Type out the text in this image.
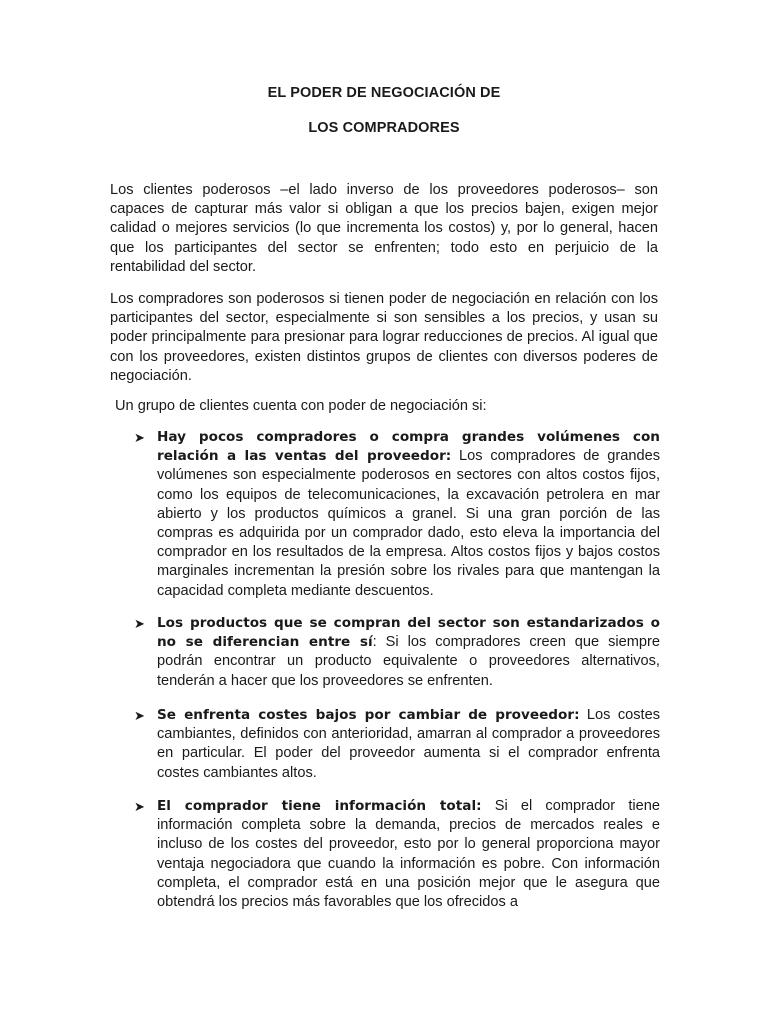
EL PODER DE NEGOCIACIÓN DE
LOS COMPRADORES
Los clientes poderosos –el lado inverso de los proveedores poderosos– son capaces de capturar más valor si obligan a que los precios bajen, exigen mejor calidad o mejores servicios (lo que incrementa los costos) y, por lo general, hacen que los participantes del sector se enfrenten; todo esto en perjuicio de la rentabilidad del sector.
Los compradores son poderosos si tienen poder de negociación en relación con los participantes del sector, especialmente si son sensibles a los precios, y usan su poder principalmente para presionar para lograr reducciones de precios. Al igual que con los proveedores, existen distintos grupos de clientes con diversos poderes de negociación.
Un grupo de clientes cuenta con poder de negociación si:
➤ Hay pocos compradores o compra grandes volúmenes con relación a las ventas del proveedor: Los compradores de grandes volúmenes son especialmente poderosos en sectores con altos costos fijos, como los equipos de telecomunicaciones, la excavación petrolera en mar abierto y los productos químicos a granel. Si una gran porción de las compras es adquirida por un comprador dado, esto eleva la importancia del comprador en los resultados de la empresa. Altos costos fijos y bajos costos marginales incrementan la presión sobre los rivales para que mantengan la capacidad completa mediante descuentos.
➤ Los productos que se compran del sector son estandarizados o no se diferencian entre sí: Si los compradores creen que siempre podrán encontrar un producto equivalente o proveedores alternativos, tenderán a hacer que los proveedores se enfrenten.
➤ Se enfrenta costes bajos por cambiar de proveedor: Los costes cambiantes, definidos con anterioridad, amarran al comprador a proveedores en particular. El poder del proveedor aumenta si el comprador enfrenta costes cambiantes altos.
➤ El comprador tiene información total: Si el comprador tiene información completa sobre la demanda, precios de mercados reales e incluso de los costes del proveedor, esto por lo general proporciona mayor ventaja negociadora que cuando la información es pobre. Con información completa, el comprador está en una posición mejor que le asegura que obtendrá los precios más favorables que los ofrecidos a
